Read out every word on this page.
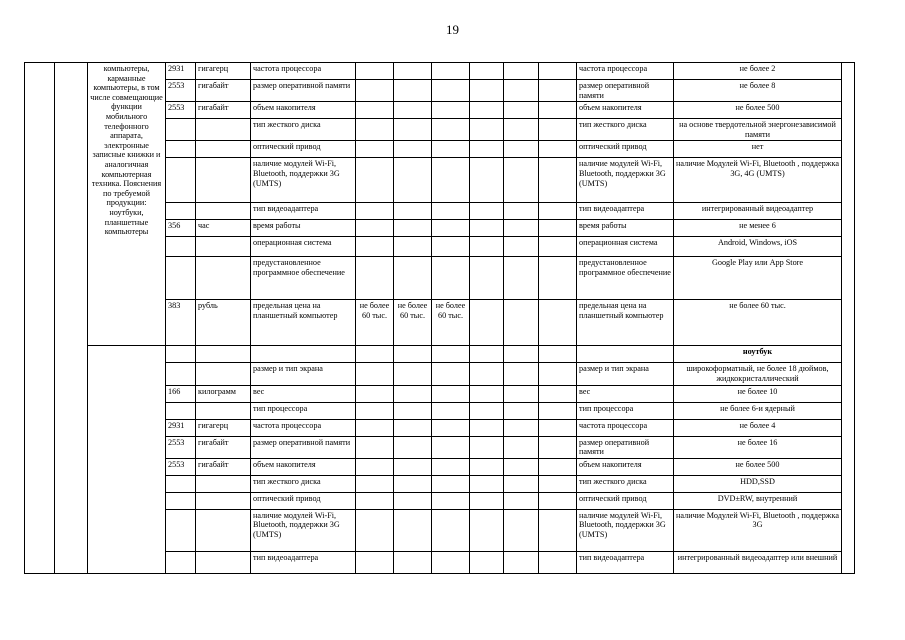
19
		компьютеры, карманные компьютеры, в том числе совмещающие функции мобильного телефонного аппарата, электронные записные книжки и аналогичная компьютерная техника. Пояснения по требуемой продукции: ноутбуки, планшетные компьютеры	2931	гигагерц	частота процессора							частота процессора	не более 2	
			2553	гигабайт	размер оперативной памяти							размер оперативной памяти	не более 8	
			2553	гигабайт	объем накопителя							объем накопителя	не более 500	
					тип жесткого диска							тип жесткого диска	на основе твердотельной энергонезависимой памяти	
					оптический привод							оптический привод	нет	
					наличие модулей Wi-Fi, Bluetooth, поддержки 3G (UMTS)							наличие модулей Wi-Fi, Bluetooth, поддержки 3G (UMTS)	наличие Модулей Wi-Fi, Bluetooth , поддержка 3G, 4G (UMTS)	
					тип видеоадаптера							тип видеоадаптера	интегрированный видеоадаптер	
			356	час	время работы							время работы	не менее 6	
					операционная система							операционная система	Android, Windows, iOS	
					предустановленное программное обеспечение							предустановленное программное обеспечение	Google Play или App Store	
			383	рубль	предельная цена на планшетный компьютер	не более 60 тыс.	не более 60 тыс.	не более 60 тыс.				предельная цена на планшетный компьютер	не более 60 тыс.	
													ноутбук	
					размер и тип экрана							размер и тип экрана	широкоформатный, не более 18 дюймов, жидкокристаллический	
			166	килограмм	вес							вес	не более 10	
					тип процессора							тип процессора	не более 6-и ядерный	
			2931	гигагерц	частота процессора							частота процессора	не более 4	
			2553	гигабайт	размер оперативной памяти							размер оперативной памяти	не более 16	
			2553	гигабайт	объем накопителя							объем накопителя	не более 500	
					тип жесткого диска							тип жесткого диска	HDD,SSD	
					оптический привод							оптический привод	DVD±RW, внутренний	
					наличие модулей Wi-Fi, Bluetooth, поддержки 3G (UMTS)							наличие модулей Wi-Fi, Bluetooth, поддержки 3G (UMTS)	наличие Модулей Wi-Fi, Bluetooth , поддержка 3G	
					тип видеоадаптера							тип видеоадаптера	интегрированный видеоадаптер или внешний	
